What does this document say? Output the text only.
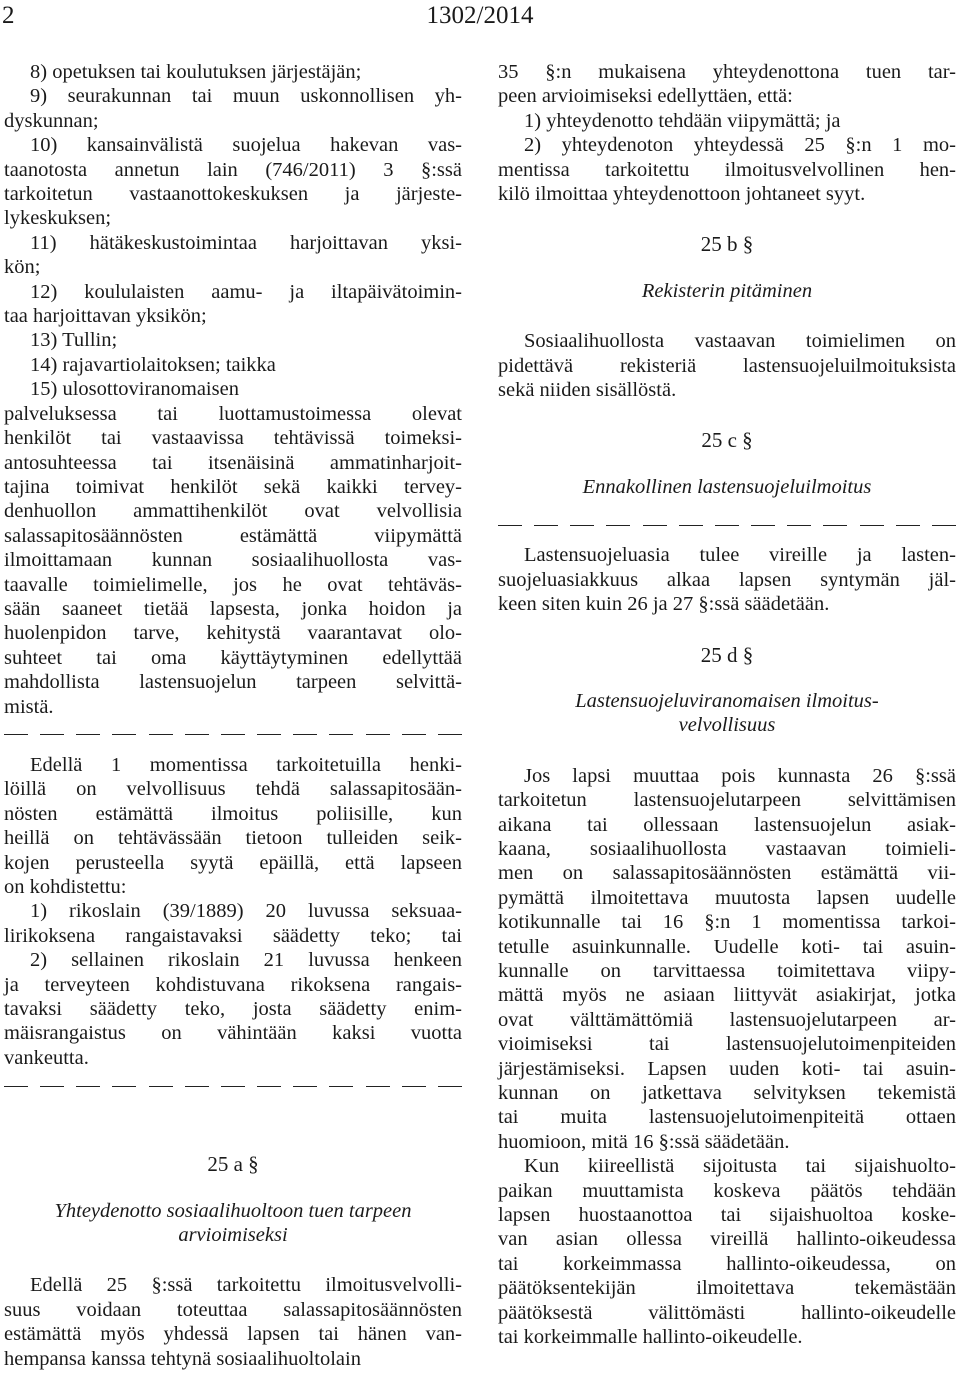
2	1302/2014
8) opetuksen tai koulutuksen järjestäjän;
9) seurakunnan tai muun uskonnollisen yh-
dyskunnan;
10) kansainvälistä suojelua hakevan vas-
taanotosta annetun lain (746/2011) 3 §:ssä
tarkoitetun vastaanottokeskuksen ja järjeste-
lykeskuksen;
11) hätäkeskustoimintaa harjoittavan yksi-
kön;
12) koululaisten aamu- ja iltapäivätoimin-
taa harjoittavan yksikön;
13) Tullin;
14) rajavartiolaitoksen; taikka
15) ulosottoviranomaisen
palveluksessa tai luottamustoimessa olevat
henkilöt tai vastaavissa tehtävissä toimeksi-
antosuhteessa tai itsenäisinä ammatinharjoit-
tajina toimivat henkilöt sekä kaikki tervey-
denhuollon ammattihenkilöt ovat velvollisia
salassapitosäännösten estämättä viipymättä
ilmoittamaan kunnan sosiaalihuollosta vas-
taavalle toimielimelle, jos he ovat tehtäväs-
sään saaneet tietää lapsesta, jonka hoidon ja
huolenpidon tarve, kehitystä vaarantavat olo-
suhteet tai oma käyttäytyminen edellyttää
mahdollista lastensuojelun tarpeen selvittä-
mistä.
Edellä 1 momentissa tarkoitetuilla henki-
löillä on velvollisuus tehdä salassapitosään-
nösten estämättä ilmoitus poliisille, kun
heillä on tehtävässään tietoon tulleiden seik-
kojen perusteella syytä epäillä, että lapseen
on kohdistettu:
1) rikoslain (39/1889) 20 luvussa seksuaa-
lirikoksena rangaistavaksi säädetty teko; tai
2) sellainen rikoslain 21 luvussa henkeen
ja terveyteen kohdistuvana rikoksena rangais-
tavaksi säädetty teko, josta säädetty enim-
mäisrangaistus on vähintään kaksi vuotta
vankeutta.
25 a §
Yhteydenotto sosiaalihuoltoon tuen tarpeen
arvioimiseksi
Edellä 25 §:ssä tarkoitettu ilmoitusvelvolli-
suus voidaan toteuttaa salassapitosäännösten
estämättä myös yhdessä lapsen tai hänen van-
hempansa kanssa tehtynä sosiaalihuoltolain
35 §:n mukaisena yhteydenottona tuen tar-
peen arvioimiseksi edellyttäen, että:
1) yhteydenotto tehdään viipymättä; ja
2) yhteydenoton yhteydessä 25 §:n 1 mo-
mentissa tarkoitettu ilmoitusvelvollinen hen-
kilö ilmoittaa yhteydenottoon johtaneet syyt.
25 b §
Rekisterin pitäminen
Sosiaalihuollosta vastaavan toimielimen on
pidettävä rekisteriä lastensuojeluilmoituksista
sekä niiden sisällöstä.
25 c §
Ennakollinen lastensuojeluilmoitus
Lastensuojeluasia tulee vireille ja lasten-
suojeluasiakkuus alkaa lapsen syntymän jäl-
keen siten kuin 26 ja 27 §:ssä säädetään.
25 d §
Lastensuojeluviranomaisen ilmoitus-
velvollisuus
Jos lapsi muuttaa pois kunnasta 26 §:ssä
tarkoitetun lastensuojelutarpeen selvittämisen
aikana tai ollessaan lastensuojelun asiak-
kaana, sosiaalihuollosta vastaavan toimieli-
men on salassapitosäännösten estämättä vii-
pymättä ilmoitettava muutosta lapsen uudelle
kotikunnalle tai 16 §:n 1 momentissa tarkoi-
tetulle asuinkunnalle. Uudelle koti- tai asuin-
kunnalle on tarvittaessa toimitettava viipy-
mättä myös ne asiaan liittyvät asiakirjat, jotka
ovat välttämättömiä lastensuojelutarpeen ar-
vioimiseksi tai lastensuojelutoimenpiteiden
järjestämiseksi. Lapsen uuden koti- tai asuin-
kunnan on jatkettava selvityksen tekemistä
tai muita lastensuojelutoimenpiteitä ottaen
huomioon, mitä 16 §:ssä säädetään.
Kun kiireellistä sijoitusta tai sijaishuolto-
paikan muuttamista koskeva päätös tehdään
lapsen huostaanottoa tai sijaishuoltoa koske-
van asian ollessa vireillä hallinto-oikeudessa
tai korkeimmassa hallinto-oikeudessa, on
päätöksentekijän ilmoitettava tekemästään
päätöksestä välittömästi hallinto-oikeudelle
tai korkeimmalle hallinto-oikeudelle.
